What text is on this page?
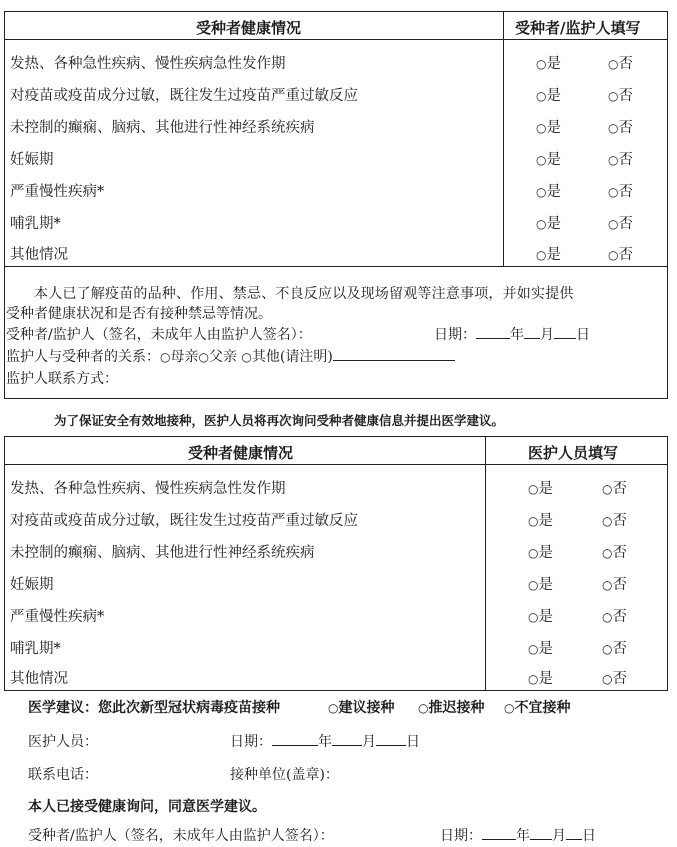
受种者健康情况	受种者/监护人填写
发热、各种急性疾病、慢性疾病急性发作期	○是	○否
对疫苗或疫苗成分过敏，既往发生过疫苗严重过敏反应	○是	○否
未控制的癫痫、脑病、其他进行性神经系统疾病	○是	○否
妊娠期	○是	○否
严重慢性疾病*	○是	○否
哺乳期*	○是	○否
其他情况	○是	○否
本人已了解疫苗的品种、作用、禁忌、不良反应以及现场留观等注意事项，并如实提供
受种者健康状况和是否有接种禁忌等情况。
受种者/监护人（签名，未成年人由监护人签名）：	日期： 年 月 日
监护人与受种者的关系：○母亲○父亲 ○其他(请注明)
监护人联系方式：
为了保证安全有效地接种，医护人员将再次询问受种者健康信息并提出医学建议。
受种者健康情况	医护人员填写
发热、各种急性疾病、慢性疾病急性发作期	○是	○否
对疫苗或疫苗成分过敏，既往发生过疫苗严重过敏反应	○是	○否
未控制的癫痫、脑病、其他进行性神经系统疾病	○是	○否
妊娠期	○是	○否
严重慢性疾病*	○是	○否
哺乳期*	○是	○否
其他情况	○是	○否
医学建议：您此次新型冠状病毒疫苗接种	○建议接种 ○推迟接种 ○不宜接种
医护人员：	日期：	年 月 日
联系电话：	接种单位(盖章)：
本人已接受健康询问，同意医学建议。
受种者/监护人（签名，未成年人由监护人签名）：	日期： 年 月 日
